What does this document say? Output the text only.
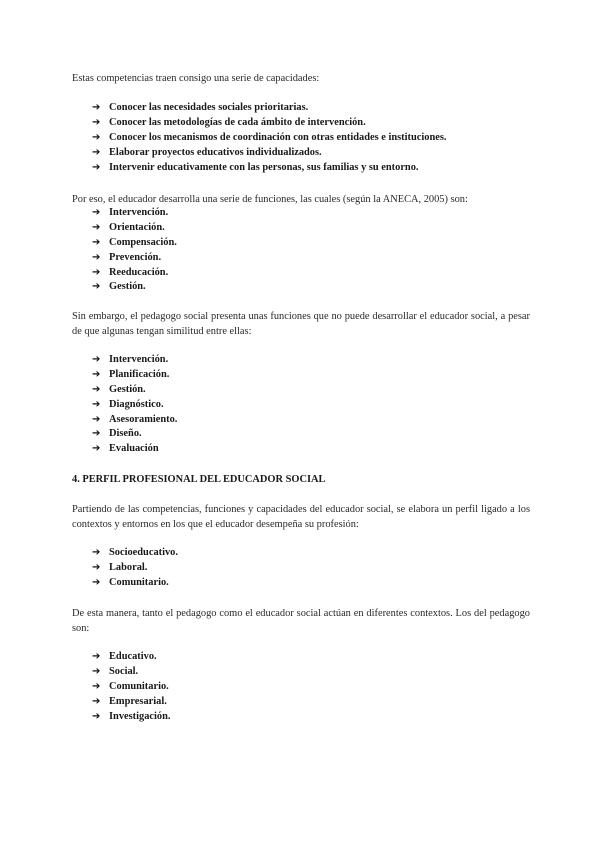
Estas competencias traen consigo una serie de capacidades:
➔ Conocer las necesidades sociales prioritarias.
➔ Conocer las metodologías de cada ámbito de intervención.
➔ Conocer los mecanismos de coordinación con otras entidades e instituciones.
➔ Elaborar proyectos educativos individualizados.
➔ Intervenir educativamente con las personas, sus familias y su entorno.
Por eso, el educador desarrolla una serie de funciones, las cuales (según la ANECA, 2005) son:
➔ Intervención.
➔ Orientación.
➔ Compensación.
➔ Prevención.
➔ Reeducación.
➔ Gestión.
Sin embargo, el pedagogo social presenta unas funciones que no puede desarrollar el educador social, a pesar de que algunas tengan similitud entre ellas:
➔ Intervención.
➔ Planificación.
➔ Gestión.
➔ Diagnóstico.
➔ Asesoramiento.
➔ Diseño.
➔ Evaluación
4. PERFIL PROFESIONAL DEL EDUCADOR SOCIAL
Partiendo de las competencias, funciones y capacidades del educador social, se elabora un perfil ligado a los contextos y entornos en los que el educador desempeña su profesión:
➔ Socioeducativo.
➔ Laboral.
➔ Comunitario.
De esta manera, tanto el pedagogo como el educador social actúan en diferentes contextos. Los del pedagogo son:
➔ Educativo.
➔ Social.
➔ Comunitario.
➔ Empresarial.
➔ Investigación.
